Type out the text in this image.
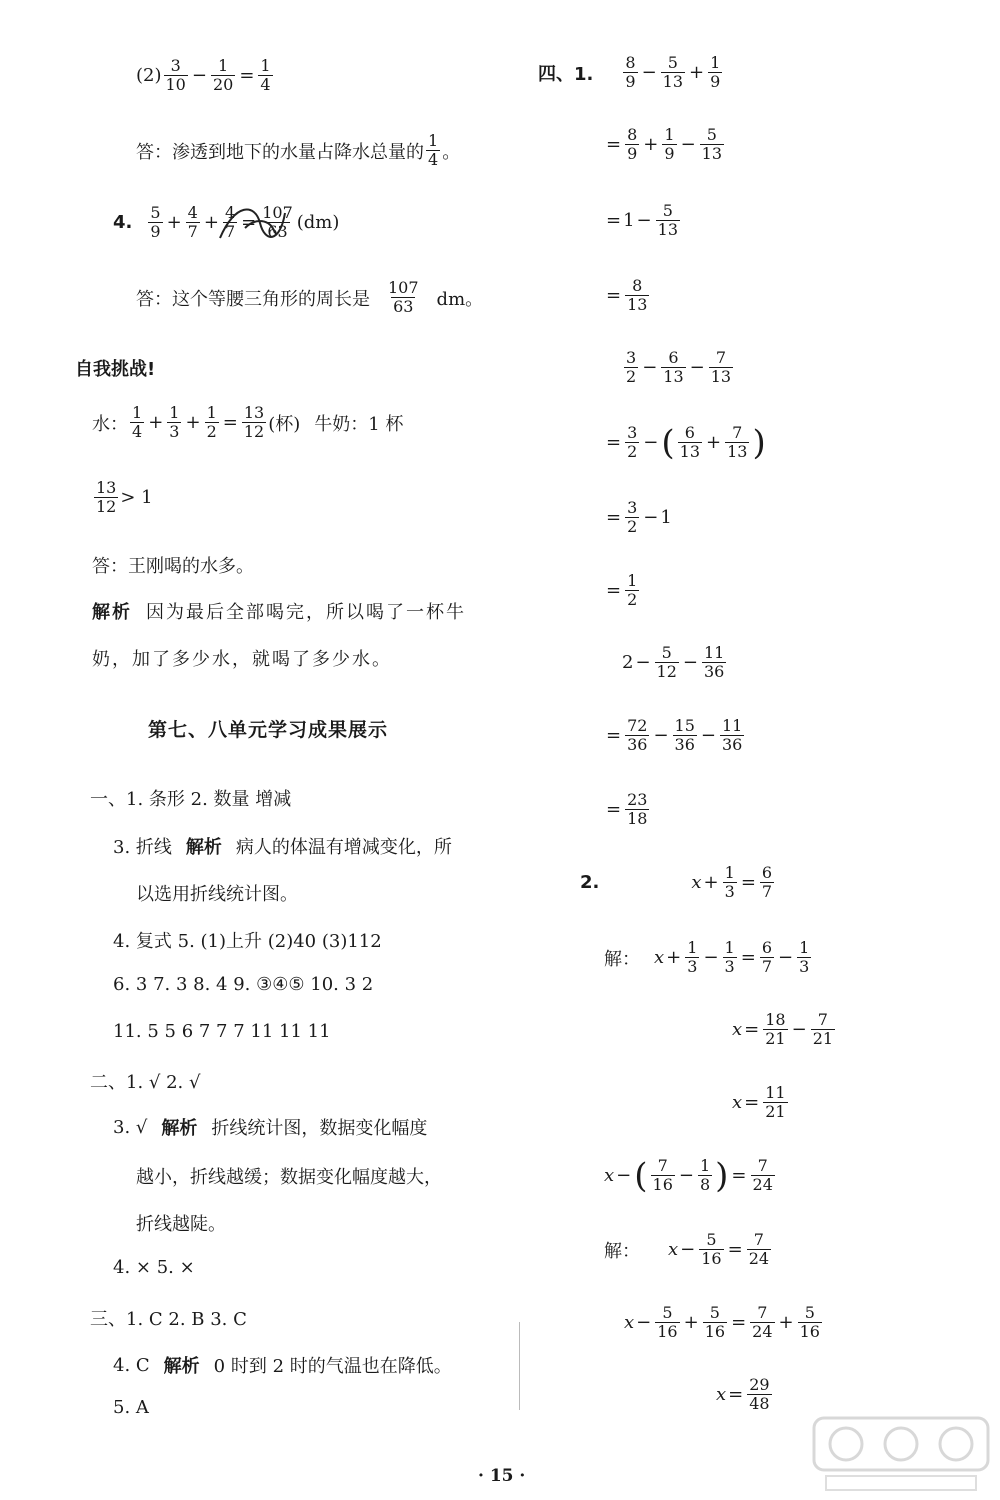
$(2) \frac{3}{10} - \frac{1}{20} = \frac{1}{4}$
答：渗透到地下的水量占降水总量的 $\frac{1}{4}$ 。
4. $\frac{5}{9} + \frac{4}{7} + \frac{4}{7} = \frac{107}{63} (dm)$
答：这个等腰三角形的周长是 $\frac{107}{63}$ dm。
自我挑战!
水： $\frac{1}{4} + \frac{1}{3} + \frac{1}{2} = \frac{13}{12}$ (杯) 牛奶：1 杯
$\frac{13}{12} > 1$
答：王刚喝的水多。
解析 因为最后全部喝完，所以喝了一杯牛
奶，加了多少水，就喝了多少水。
第七、八单元学习成果展示
一、1. 条形 2. 数量 增减
3. 折线 解析 病人的体温有增减变化，所
以选用折线统计图。
4. 复式 5. (1)上升 (2)40 (3)112
6. 3 7. 3 8. 4 9. ③④⑤ 10. 3 2
11. 5 5 6 7 7 7 11 11 11
二、1. √ 2. √
3. √ 解析 折线统计图，数据变化幅度
越小，折线越缓；数据变化幅度越大，
折线越陡。
4. × 5. ×
三、1. C 2. B 3. C
4. C 解析 0 时到 2 时的气温也在降低。
5. A
四、1. $\frac{8}{9} - \frac{5}{13} + \frac{1}{9}$
= $\frac{8}{9} + \frac{1}{9} - \frac{5}{13}$
= $1 - \frac{5}{13}$
= $\frac{8}{13}$
$\frac{3}{2} - \frac{6}{13} - \frac{7}{13}$
= $\frac{3}{2}$ − ( $\frac{6}{13} + \frac{7}{13}$ )
= $\frac{3}{2} - 1$
= $\frac{1}{2}$
$2 - \frac{5}{12} - \frac{11}{36}$
= $\frac{72}{36} - \frac{15}{36} - \frac{11}{36}$
= $\frac{23}{18}$
2.	$x + \frac{1}{3} = \frac{6}{7}$
解： $x + \frac{1}{3} - \frac{1}{3} = \frac{6}{7} - \frac{1}{3}$
$x = \frac{18}{21} - \frac{7}{21}$
$x = \frac{11}{21}$
x − ( $\frac{7}{16} - \frac{1}{8}$ ) = $\frac{7}{24}$
解： $x - \frac{5}{16} = \frac{7}{24}$
$x - \frac{5}{16} + \frac{5}{16} = \frac{7}{24} + \frac{5}{16}$
$x = \frac{29}{48}$
· 15 ·
